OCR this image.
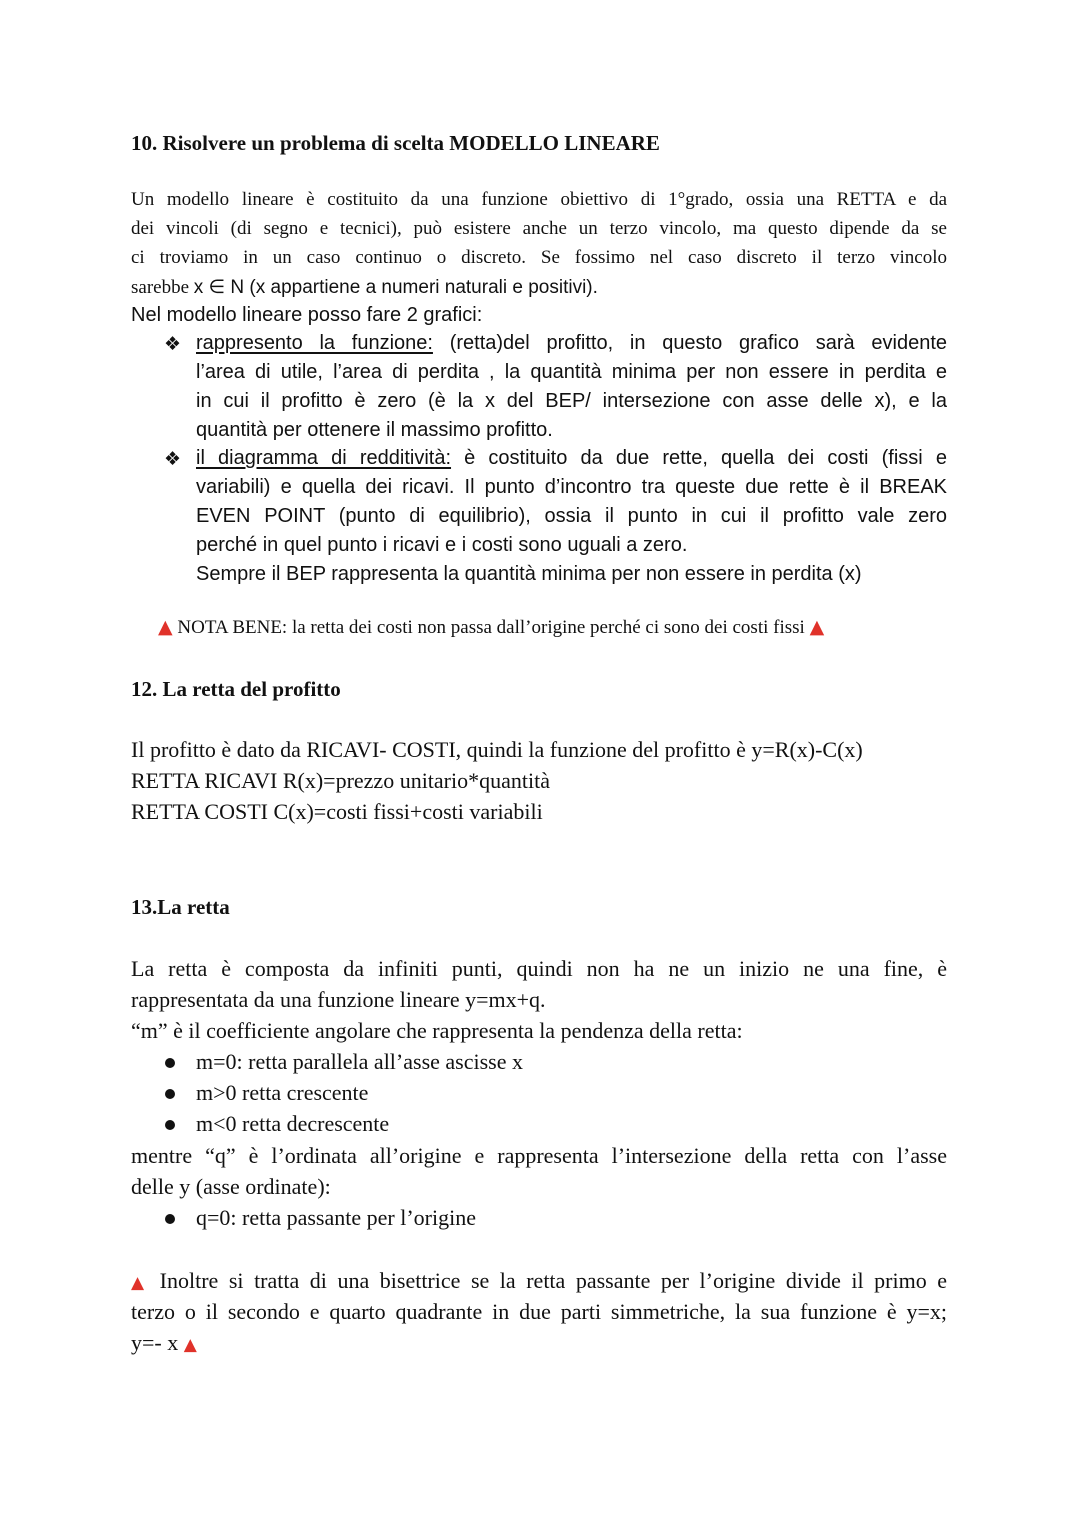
10. Risolvere un problema di scelta MODELLO LINEARE
Un modello lineare è costituito da una funzione obiettivo di 1°grado, ossia una RETTA e da
dei vincoli (di segno e tecnici), può esistere anche un terzo vincolo, ma questo dipende da se
ci troviamo in un caso continuo o discreto. Se fossimo nel caso discreto il terzo vincolo
sarebbe x ∈ N (x appartiene a numeri naturali e positivi).
Nel modello lineare posso fare 2 grafici:
❖ rappresento la funzione: (retta)del profitto, in questo grafico sarà evidente
l’area di utile, l’area di perdita , la quantità minima per non essere in perdita e
in cui il profitto è zero (è la x del BEP/ intersezione con asse delle x), e la
quantità per ottenere il massimo profitto.
❖ il diagramma di redditività: è costituito da due rette, quella dei costi (fissi e
variabili) e quella dei ricavi. Il punto d’incontro tra queste due rette è il BREAK
EVEN POINT (punto di equilibrio), ossia il punto in cui il profitto vale zero
perché in quel punto i ricavi e i costi sono uguali a zero.
Sempre il BEP rappresenta la quantità minima per non essere in perdita (x)
▲ NOTA BENE: la retta dei costi non passa dall’origine perché ci sono dei costi fissi ▲
12. La retta del profitto
Il profitto è dato da RICAVI- COSTI, quindi la funzione del profitto è y=R(x)-C(x)
RETTA RICAVI R(x)=prezzo unitario*quantità
RETTA COSTI C(x)=costi fissi+costi variabili
13.La retta
La retta è composta da infiniti punti, quindi non ha ne un inizio ne una fine, è
rappresentata da una funzione lineare y=mx+q.
“m” è il coefficiente angolare che rappresenta la pendenza della retta:
m=0: retta parallela all’asse ascisse x
m>0 retta crescente
m<0 retta decrescente
mentre “q” è l’ordinata all’origine e rappresenta l’intersezione della retta con l’asse
delle y (asse ordinate):
q=0: retta passante per l’origine
▲ Inoltre si tratta di una bisettrice se la retta passante per l’origine divide il primo e
terzo o il secondo e quarto quadrante in due parti simmetriche, la sua funzione è y=x;
y=- x ▲
